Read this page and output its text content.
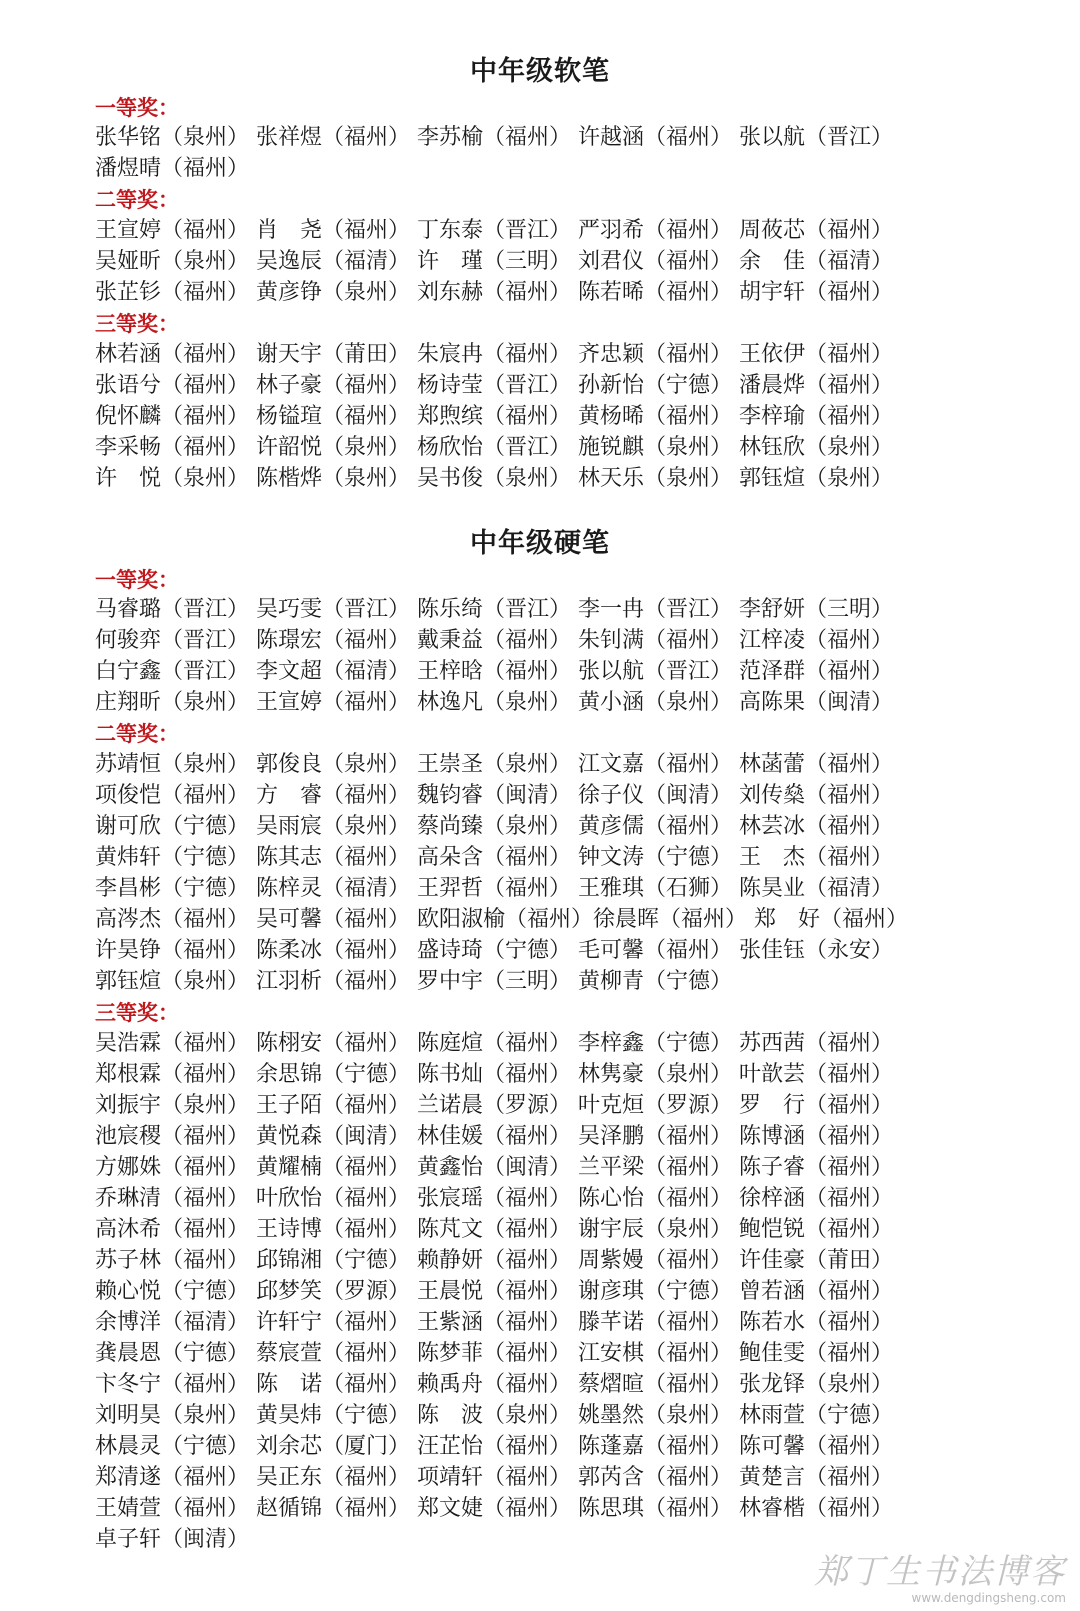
中年级软笔
一等奖：
张华铭（泉州） 张祥煜（福州） 李苏榆（福州） 许越涵（福州） 张以航（晋江）
潘煜晴（福州）
二等奖：
王宣婷（福州） 肖　尧（福州） 丁东泰（晋江） 严羽希（福州） 周莜芯（福州）
吴娅昕（泉州） 吴逸辰（福清） 许　瑾（三明） 刘君仪（福州） 余　佳（福清）
张芷钐（福州） 黄彦铮（泉州） 刘东赫（福州） 陈若晞（福州） 胡宇轩（福州）
三等奖：
林若涵（福州） 谢天宇（莆田） 朱宸冉（福州） 齐忠颖（福州） 王依伊（福州）
张语兮（福州） 林子豪（福州） 杨诗莹（晋江） 孙新怡（宁德） 潘晨烨（福州）
倪怀麟（福州） 杨镒瑄（福州） 郑煦缤（福州） 黄杨晞（福州） 李梓瑜（福州）
李采畅（福州） 许韶悦（泉州） 杨欣怡（晋江） 施锐麒（泉州） 林钰欣（泉州）
许　悦（泉州） 陈楷烨（泉州） 吴书俊（泉州） 林天乐（泉州） 郭钰煊（泉州）
中年级硬笔
一等奖：
马睿璐（晋江） 吴巧雯（晋江） 陈乐绮（晋江） 李一冉（晋江） 李舒妍（三明）
何骏弈（晋江） 陈璟宏（福州） 戴秉益（福州） 朱钊满（福州） 江梓凌（福州）
白宁鑫（晋江） 李文超（福清） 王梓晗（福州） 张以航（晋江） 范泽群（福州）
庄翔昕（泉州） 王宣婷（福州） 林逸凡（泉州） 黄小涵（泉州） 高陈果（闽清）
二等奖：
苏靖恒（泉州） 郭俊良（泉州） 王崇圣（泉州） 江文嘉（福州） 林菡蕾（福州）
项俊恺（福州） 方　睿（福州） 魏钧睿（闽清） 徐子仪（闽清） 刘传燊（福州）
谢可欣（宁德） 吴雨宸（泉州） 蔡尚臻（泉州） 黄彦儒（福州） 林芸冰（福州）
黄炜轩（宁德） 陈其志（福州） 高朵含（福州） 钟文涛（宁德） 王　杰（福州）
李昌彬（宁德） 陈梓灵（福清） 王羿哲（福州） 王雅琪（石狮） 陈昊业（福清）
高涔杰（福州） 吴可馨（福州） 欧阳淑榆（福州）徐晨晖（福州） 郑　好（福州）
许昊铮（福州） 陈柔冰（福州） 盛诗琦（宁德） 毛可馨（福州） 张佳钰（永安）
郭钰煊（泉州） 江羽析（福州） 罗中宇（三明） 黄柳青（宁德）
三等奖：
吴浩霖（福州） 陈栩安（福州） 陈庭煊（福州） 李梓鑫（宁德） 苏西茜（福州）
郑根霖（福州） 余思锦（宁德） 陈书灿（福州） 林隽豪（泉州） 叶歆芸（福州）
刘振宇（泉州） 王子陌（福州） 兰诺晨（罗源） 叶克烜（罗源） 罗　行（福州）
池宸稷（福州） 黄悦森（闽清） 林佳媛（福州） 吴泽鹏（福州） 陈博涵（福州）
方娜姝（福州） 黄耀楠（福州） 黄鑫怡（闽清） 兰平梁（福州） 陈子睿（福州）
乔琳清（福州） 叶欣怡（福州） 张宸瑶（福州） 陈心怡（福州） 徐梓涵（福州）
高沐希（福州） 王诗博（福州） 陈芃文（福州） 谢宇辰（泉州） 鲍恺锐（福州）
苏子林（福州） 邱锦湘（宁德） 赖静妍（福州） 周紫嫚（福州） 许佳豪（莆田）
赖心悦（宁德） 邱梦笑（罗源） 王晨悦（福州） 谢彦琪（宁德） 曾若涵（福州）
余博洋（福清） 许轩宁（福州） 王紫涵（福州） 滕芊诺（福州） 陈若水（福州）
龚晨恩（宁德） 蔡宸萱（福州） 陈梦菲（福州） 江安棋（福州） 鲍佳雯（福州）
卞冬宁（福州） 陈　诺（福州） 赖禹舟（福州） 蔡熠暄（福州） 张龙铎（泉州）
刘明昊（泉州） 黄昊炜（宁德） 陈　波（泉州） 姚墨然（泉州） 林雨萱（宁德）
林晨灵（宁德） 刘余芯（厦门） 汪芷怡（福州） 陈蓬嘉（福州） 陈可馨（福州）
郑清遂（福州） 吴正东（福州） 项靖轩（福州） 郭芮含（福州） 黄楚言（福州）
王婧萱（福州） 赵循锦（福州） 郑文婕（福州） 陈思琪（福州） 林睿楷（福州）
卓子轩（闽清）
郑丁生书法博客
www.dengdingsheng.com
